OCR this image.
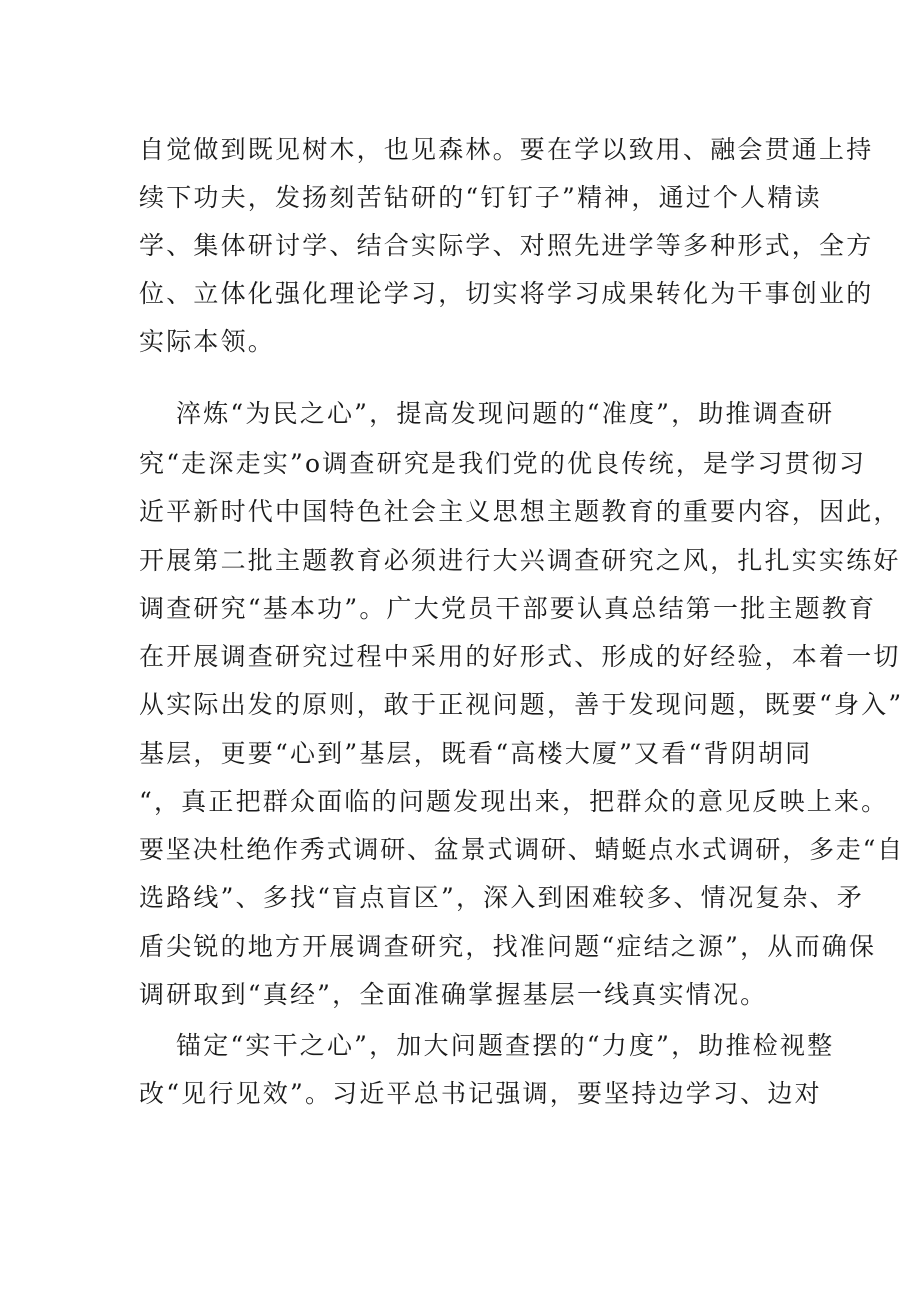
自觉做到既见树木，也见森林。要在学以致用、融会贯通上持
续下功夫，发扬刻苦钻研的“钉钉子”精神，通过个人精读
学、集体研讨学、结合实际学、对照先进学等多种形式，全方
位、立体化强化理论学习，切实将学习成果转化为干事创业的
实际本领。
淬炼“为民之心”，提高发现问题的“准度”，助推调查研
究“走深走实”o调查研究是我们党的优良传统，是学习贯彻习
近平新时代中国特色社会主义思想主题教育的重要内容，因此，
开展第二批主题教育必须进行大兴调查研究之风，扎扎实实练好
调查研究“基本功”。广大党员干部要认真总结第一批主题教育
在开展调查研究过程中采用的好形式、形成的好经验，本着一切
从实际出发的原则，敢于正视问题，善于发现问题，既要“身入”
基层，更要“心到”基层，既看“高楼大厦”又看“背阴胡同
“，真正把群众面临的问题发现出来，把群众的意见反映上来。
要坚决杜绝作秀式调研、盆景式调研、蜻蜓点水式调研，多走“自
选路线”、多找“盲点盲区”，深入到困难较多、情况复杂、矛
盾尖锐的地方开展调查研究，找准问题“症结之源”，从而确保
调研取到“真经”，全面准确掌握基层一线真实情况。
锚定“实干之心”，加大问题查摆的“力度”，助推检视整
改“见行见效”。习近平总书记强调，要坚持边学习、边对
